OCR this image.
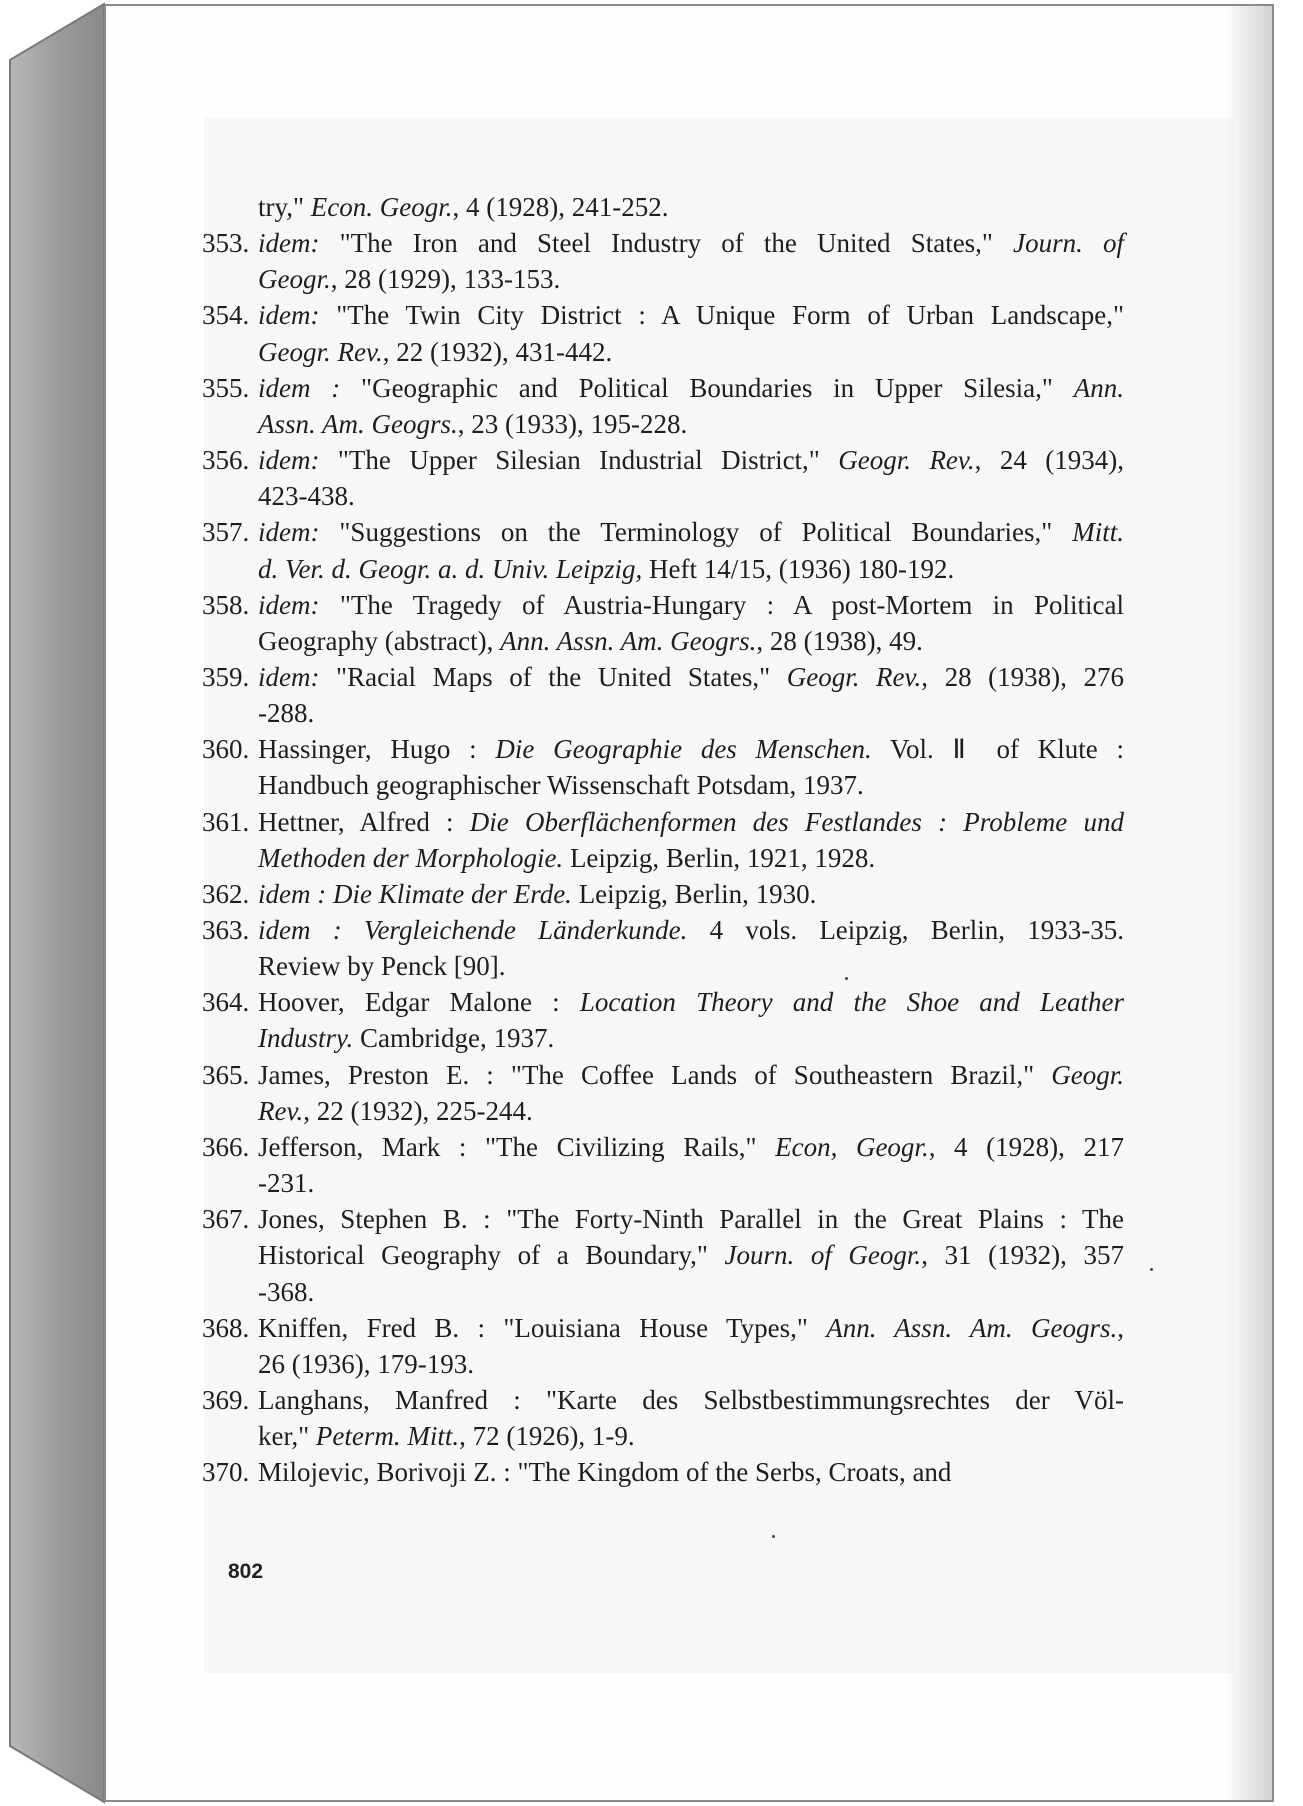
try," Econ. Geogr., 4 (1928), 241-252.
353. idem: "The Iron and Steel Industry of the United States," Journ. of
Geogr., 28 (1929), 133-153.
354. idem: "The Twin City District : A Unique Form of Urban Landscape,"
Geogr. Rev., 22 (1932), 431-442.
355. idem : "Geographic and Political Boundaries in Upper Silesia," Ann.
Assn. Am. Geogrs., 23 (1933), 195-228.
356. idem: "The Upper Silesian Industrial District," Geogr. Rev., 24 (1934),
423-438.
357. idem: "Suggestions on the Terminology of Political Boundaries," Mitt.
d. Ver. d. Geogr. a. d. Univ. Leipzig, Heft 14/15, (1936) 180-192.
358. idem: "The Tragedy of Austria-Hungary : A post-Mortem in Political
Geography (abstract), Ann. Assn. Am. Geogrs., 28 (1938), 49.
359. idem: "Racial Maps of the United States," Geogr. Rev., 28 (1938), 276
-288.
360. Hassinger, Hugo : Die Geographie des Menschen. Vol. Ⅱ of Klute :
Handbuch geographischer Wissenschaft Potsdam, 1937.
361. Hettner, Alfred : Die Oberflächenformen des Festlandes : Probleme und
Methoden der Morphologie. Leipzig, Berlin, 1921, 1928.
362. idem : Die Klimate der Erde. Leipzig, Berlin, 1930.
363. idem : Vergleichende Länderkunde. 4 vols. Leipzig, Berlin, 1933-35.
Review by Penck [90].
364. Hoover, Edgar Malone : Location Theory and the Shoe and Leather
Industry. Cambridge, 1937.
365. James, Preston E. : "The Coffee Lands of Southeastern Brazil," Geogr.
Rev., 22 (1932), 225-244.
366. Jefferson, Mark : "The Civilizing Rails," Econ, Geogr., 4 (1928), 217
-231.
367. Jones, Stephen B. : "The Forty-Ninth Parallel in the Great Plains : The
Historical Geography of a Boundary," Journ. of Geogr., 31 (1932), 357
-368.
368. Kniffen, Fred B. : "Louisiana House Types," Ann. Assn. Am. Geogrs.,
26 (1936), 179-193.
369. Langhans, Manfred : "Karte des Selbstbestimmungsrechtes der Völ-
ker," Peterm. Mitt., 72 (1926), 1-9.
370. Milojevic, Borivoji Z. : "The Kingdom of the Serbs, Croats, and
802
